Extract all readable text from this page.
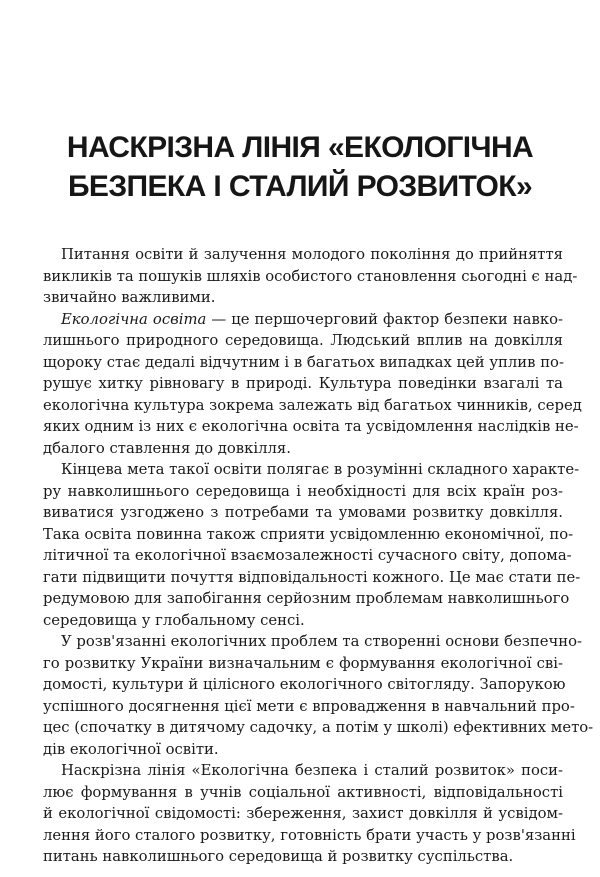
НАСКРІЗНА ЛІНІЯ «ЕКОЛОГІЧНА
БЕЗПЕКА І СТАЛИЙ РОЗВИТОК»
Питання освіти й залучення молодого покоління до прийняття
викликів та пошуків шляхів особистого становлення сьогодні є над-
звичайно важливими.
Екологічна освіта — це першочерговий фактор безпеки навко-
лишнього природного середовища. Людський вплив на довкілля
щороку стає дедалі відчутним і в багатьох випадках цей уплив по-
рушує хитку рівновагу в природі. Культура поведінки взагалі та
екологічна культура зокрема залежать від багатьох чинників, серед
яких одним із них є екологічна освіта та усвідомлення наслідків не-
дбалого ставлення до довкілля.
Кінцева мета такої освіти полягає в розумінні складного характе-
ру навколишнього середовища і необхідності для всіх країн роз-
виватися узгоджено з потребами та умовами розвитку довкілля.
Така освіта повинна також сприяти усвідомленню економічної, по-
літичної та екологічної взаємозалежності сучасного світу, допома-
гати підвищити почуття відповідальності кожного. Це має стати пе-
редумовою для запобігання серйозним проблемам навколишнього
середовища у глобальному сенсі.
У розв'язанні екологічних проблем та створенні основи безпечно-
го розвитку України визначальним є формування екологічної сві-
домості, культури й цілісного екологічного світогляду. Запорукою
успішного досягнення цієї мети є впровадження в навчальний про-
цес (спочатку в дитячому садочку, а потім у школі) ефективних мето-
дів екологічної освіти.
Наскрізна лінія «Екологічна безпека і сталий розвиток» поси-
лює формування в учнів соціальної активності, відповідальності
й екологічної свідомості: збереження, захист довкілля й усвідом-
лення його сталого розвитку, готовність брати участь у розв'язанні
питань навколишнього середовища й розвитку суспільства.
